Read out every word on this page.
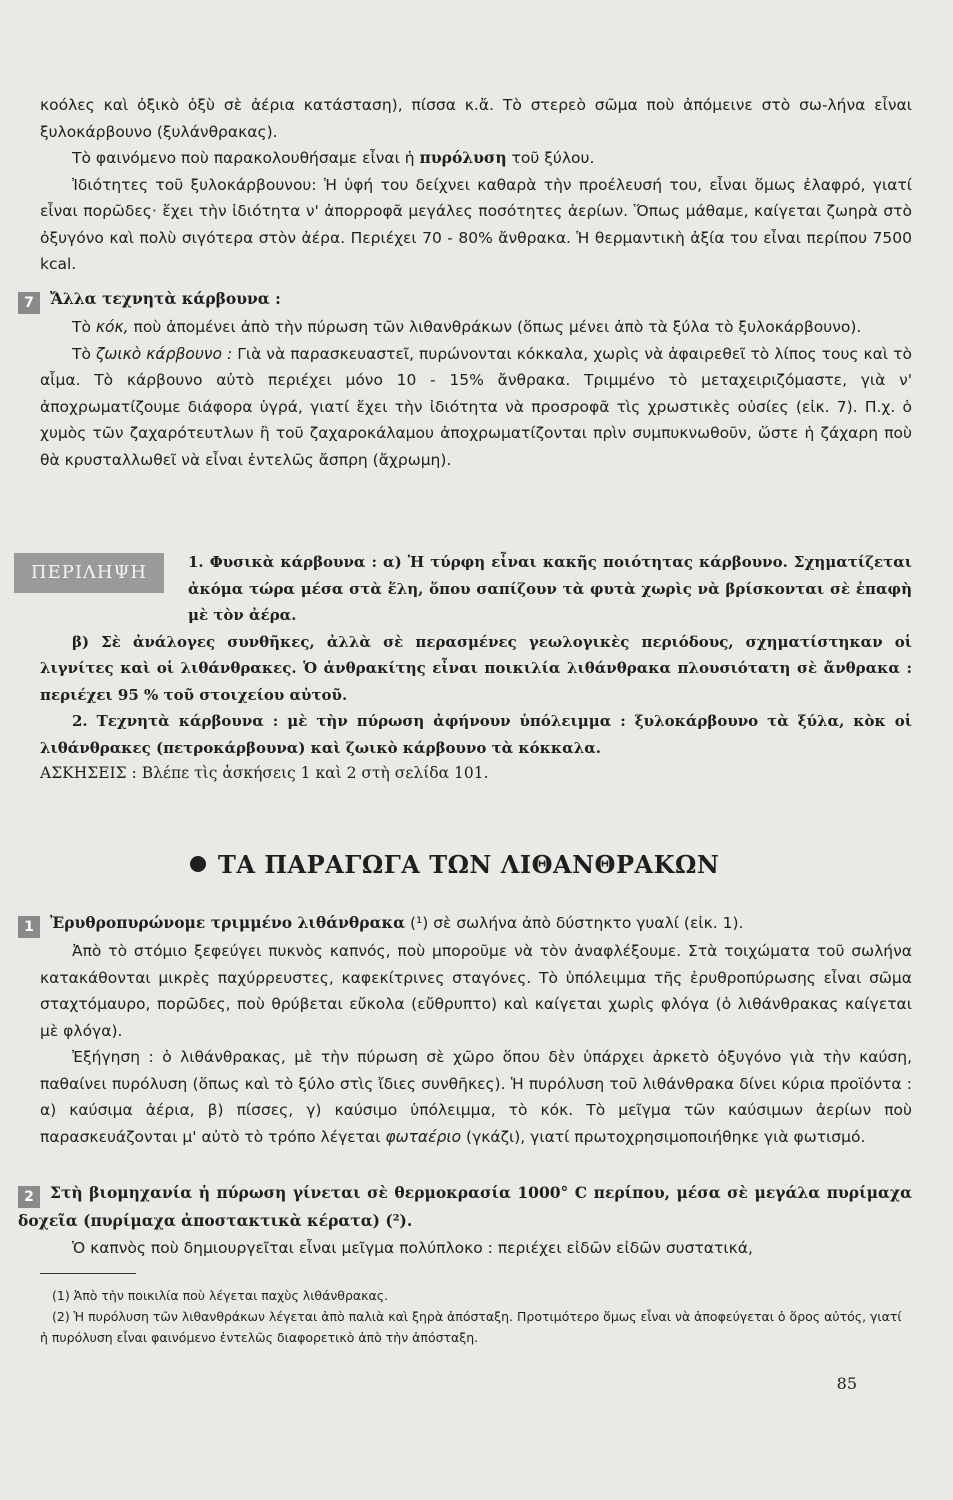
κοόλες καὶ ὀξικὸ ὀξὺ σὲ ἀέρια κατάσταση), πίσσα κ.ἄ. Τὸ στερεὸ σῶμα ποὺ ἀπόμεινε στὸ σω-λήνα εἶναι ξυλοκάρβουνο (ξυλάνθρακας).

Τὸ φαινόμενο ποὺ παρακολουθήσαμε εἶναι ἡ πυρόλυση τοῦ ξύλου.

Ἰδιότητες τοῦ ξυλοκάρβουνου: Ἡ ὑφή του δείχνει καθαρὰ τὴν προέλευσή του, εἶναι ὅμως ἐλαφρό, γιατί εἶναι πορῶδες· ἔχει τὴν ἰδιότητα ν' ἀπορροφᾶ μεγάλες ποσότητες ἀερίων. Ὅπως μάθαμε, καίγεται ζωηρὰ στὸ ὀξυγόνο καὶ πολὺ σιγότερα στὸν ἀέρα. Περιέχει 70 - 80% ἄνθρακα. Ἡ θερμαντικὴ ἀξία του εἶναι περίπου 7500 kcal.

7 Ἄλλα τεχνητὰ κάρβουνα :

Τὸ κόκ, ποὺ ἀπομένει ἀπὸ τὴν πύρωση τῶν λιθανθράκων (ὅπως μένει ἀπὸ τὰ ξύλα τὸ ξυλοκάρβουνο).

Τὸ ζωικὸ κάρβουνο : Γιὰ νὰ παρασκευαστεῖ, πυρώνονται κόκκαλα, χωρὶς νὰ ἀφαιρεθεῖ τὸ λίπος τους καὶ τὸ αἷμα. Τὸ κάρβουνο αὐτὸ περιέχει μόνο 10 - 15% ἄνθρακα. Τριμμένο τὸ μεταχειριζόμαστε, γιὰ ν' ἀποχρωματίζουμε διάφορα ὑγρά, γιατί ἔχει τὴν ἰδιότητα νὰ προσροφᾶ τὶς χρωστικὲς οὐσίες (εἰκ. 7). Π.χ. ὁ χυμὸς τῶν ζαχαρότευτλων ἢ τοῦ ζαχαροκάλαμου ἀποχρωματίζονται πρὶν συμπυκνωθοῦν, ὥστε ἡ ζάχαρη ποὺ θὰ κρυσταλλωθεῖ νὰ εἶναι ἐντελῶς ἄσπρη (ἄχρωμη).

ΠΕΡΙΛΗΨΗ	1. Φυσικὰ κάρβουνα : α) Ἡ τύρφη εἶναι κακῆς ποιότητας κάρβουνο. Σχηματίζεται ἀκόμα τώρα μέσα στὰ ἕλη, ὅπου σαπίζουν τὰ φυτὰ χωρὶς νὰ βρίσκονται σὲ ἐπαφὴ μὲ τὸν ἀέρα.

β) Σὲ ἀνάλογες συνθῆκες, ἀλλὰ σὲ περασμένες γεωλογικὲς περιόδους, σχηματίστηκαν οἱ λιγνίτες καὶ οἱ λιθάνθρακες. Ὁ ἀνθρακίτης εἶναι ποικιλία λιθάνθρακα πλουσιότατη σὲ ἄνθρακα : περιέχει 95 % τοῦ στοιχείου αὐτοῦ.

2. Τεχνητὰ κάρβουνα : μὲ τὴν πύρωση ἀφήνουν ὑπόλειμμα : ξυλοκάρβουνο τὰ ξύλα, κὸκ οἱ λιθάνθρακες (πετροκάρβουνα) καὶ ζωικὸ κάρβουνο τὰ κόκκαλα.

ΑΣΚΗΣΕΙΣ : Βλέπε τὶς ἀσκήσεις 1 καὶ 2 στὴ σελίδα 101.
ΤΑ ΠΑΡΑΓΩΓΑ ΤΩΝ ΛΙΘΑΝΘΡΑΚΩΝ

1 Ἐρυθροπυρώνομε τριμμένο λιθάνθρακα (¹) σὲ σωλήνα ἀπὸ δύστηκτο γυαλί (εἰκ. 1).

Ἀπὸ τὸ στόμιο ξεφεύγει πυκνὸς καπνός, ποὺ μποροῦμε νὰ τὸν ἀναφλέξουμε. Στὰ τοιχώματα τοῦ σωλήνα κατακάθονται μικρὲς παχύρρευστες, καφεκίτρινες σταγόνες. Τὸ ὑπόλειμμα τῆς ἐρυθροπύρωσης εἶναι σῶμα σταχτόμαυρο, πορῶδες, ποὺ θρύβεται εὔκολα (εὔθρυπτο) καὶ καίγεται χωρὶς φλόγα (ὁ λιθάνθρακας καίγεται μὲ φλόγα).

Ἐξήγηση : ὁ λιθάνθρακας, μὲ τὴν πύρωση σὲ χῶρο ὅπου δὲν ὑπάρχει ἀρκετὸ ὀξυγόνο γιὰ τὴν καύση, παθαίνει πυρόλυση (ὅπως καὶ τὸ ξύλο στὶς ἴδιες συνθῆκες). Ἡ πυρόλυση τοῦ λιθάνθρακα δίνει κύρια προϊόντα : α) καύσιμα ἀέρια, β) πίσσες, γ) καύσιμο ὑπόλειμμα, τὸ κόκ. Τὸ μεῖγμα τῶν καύσιμων ἀερίων ποὺ παρασκευάζονται μ' αὐτὸ τὸ τρόπο λέγεται φωταέριο (γκάζι), γιατί πρωτοχρησιμοποιήθηκε γιὰ φωτισμό.

2 Στὴ βιομηχανία ἡ πύρωση γίνεται σὲ θερμοκρασία 1000° C περίπου, μέσα σὲ μεγάλα πυρίμαχα δοχεῖα (πυρίμαχα ἀποστακτικὰ κέρατα) (²).

Ὁ καπνὸς ποὺ δημιουργεῖται εἶναι μεῖγμα πολύπλοκο : περιέχει εἰδῶν εἰδῶν συστατικά,

(1) Ἀπὸ τὴν ποικιλία ποὺ λέγεται παχὺς λιθάνθρακας.

(2) Ἡ πυρόλυση τῶν λιθανθράκων λέγεται ἀπὸ παλιὰ καὶ ξηρὰ ἀπόσταξη. Προτιμότερο ὅμως εἶναι νὰ ἀποφεύγεται ὁ ὅρος αὐτός, γιατί ἡ πυρόλυση εἶναι φαινόμενο ἐντελῶς διαφορετικὸ ἀπὸ τὴν ἀπόσταξη.

85
